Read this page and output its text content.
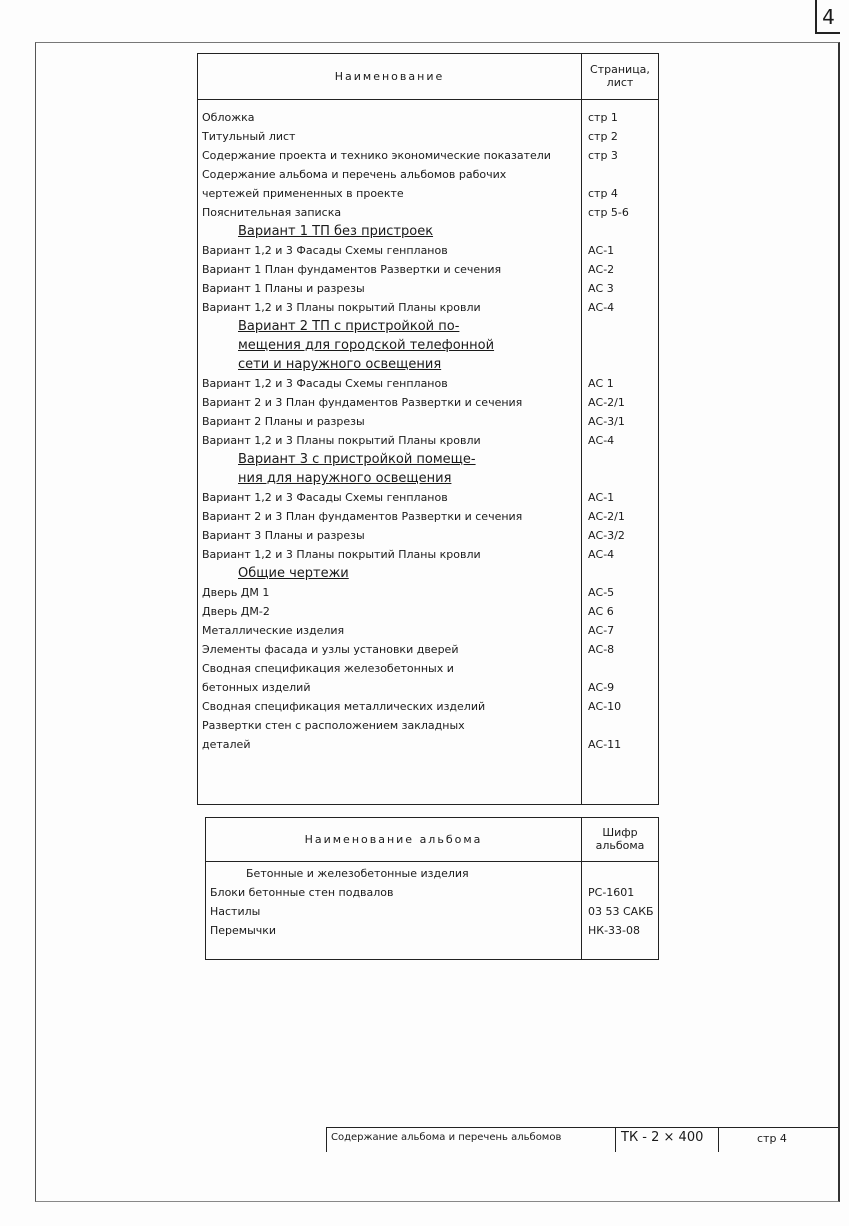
4
Наименование
Страница, лист
Обложка	стр 1
Титульный лист	стр 2
Содержание проекта и технико экономические показатели	стр 3
Содержание альбома и перечень альбомов рабочих
чертежей примененных в проекте	стр 4
Пояснительная записка	стр 5-6
Вариант 1 ТП без пристроек
Вариант 1,2 и 3 Фасады Схемы генпланов	АС-1
Вариант 1 План фундаментов Развертки и сечения	АС-2
Вариант 1 Планы и разрезы	АС 3
Вариант 1,2 и 3 Планы покрытий Планы кровли	АС-4
Вариант 2 ТП с пристройкой по-
мещения для городской телефонной
сети и наружного освещения
Вариант 1,2 и 3 Фасады Схемы генпланов	АС 1
Вариант 2 и 3 План фундаментов Развертки и сечения	АС-2/1
Вариант 2 Планы и разрезы	АС-3/1
Вариант 1,2 и 3 Планы покрытий Планы кровли	АС-4
Вариант 3 с пристройкой помеще-
ния для наружного освещения
Вариант 1,2 и 3 Фасады Схемы генпланов	АС-1
Вариант 2 и 3 План фундаментов Развертки и сечения	АС-2/1
Вариант 3 Планы и разрезы	АС-3/2
Вариант 1,2 и 3 Планы покрытий Планы кровли	АС-4
Общие чертежи
Дверь ДМ 1	АС-5
Дверь ДМ-2	АС 6
Металлические изделия	АС-7
Элементы фасада и узлы установки дверей	АС-8
Сводная спецификация железобетонных и
бетонных изделий	АС-9
Сводная спецификация металлических изделий	АС-10
Развертки стен с расположением закладных
деталей	АС-11
Наименование альбома
Шифр альбома
Бетонные и железобетонные изделия
Блоки бетонные стен подвалов	РС-1601
Настилы	03 53 САКБ
Перемычки	НК-33-08
Содержание альбома и перечень альбомов	ТК - 2 × 400	стр 4
